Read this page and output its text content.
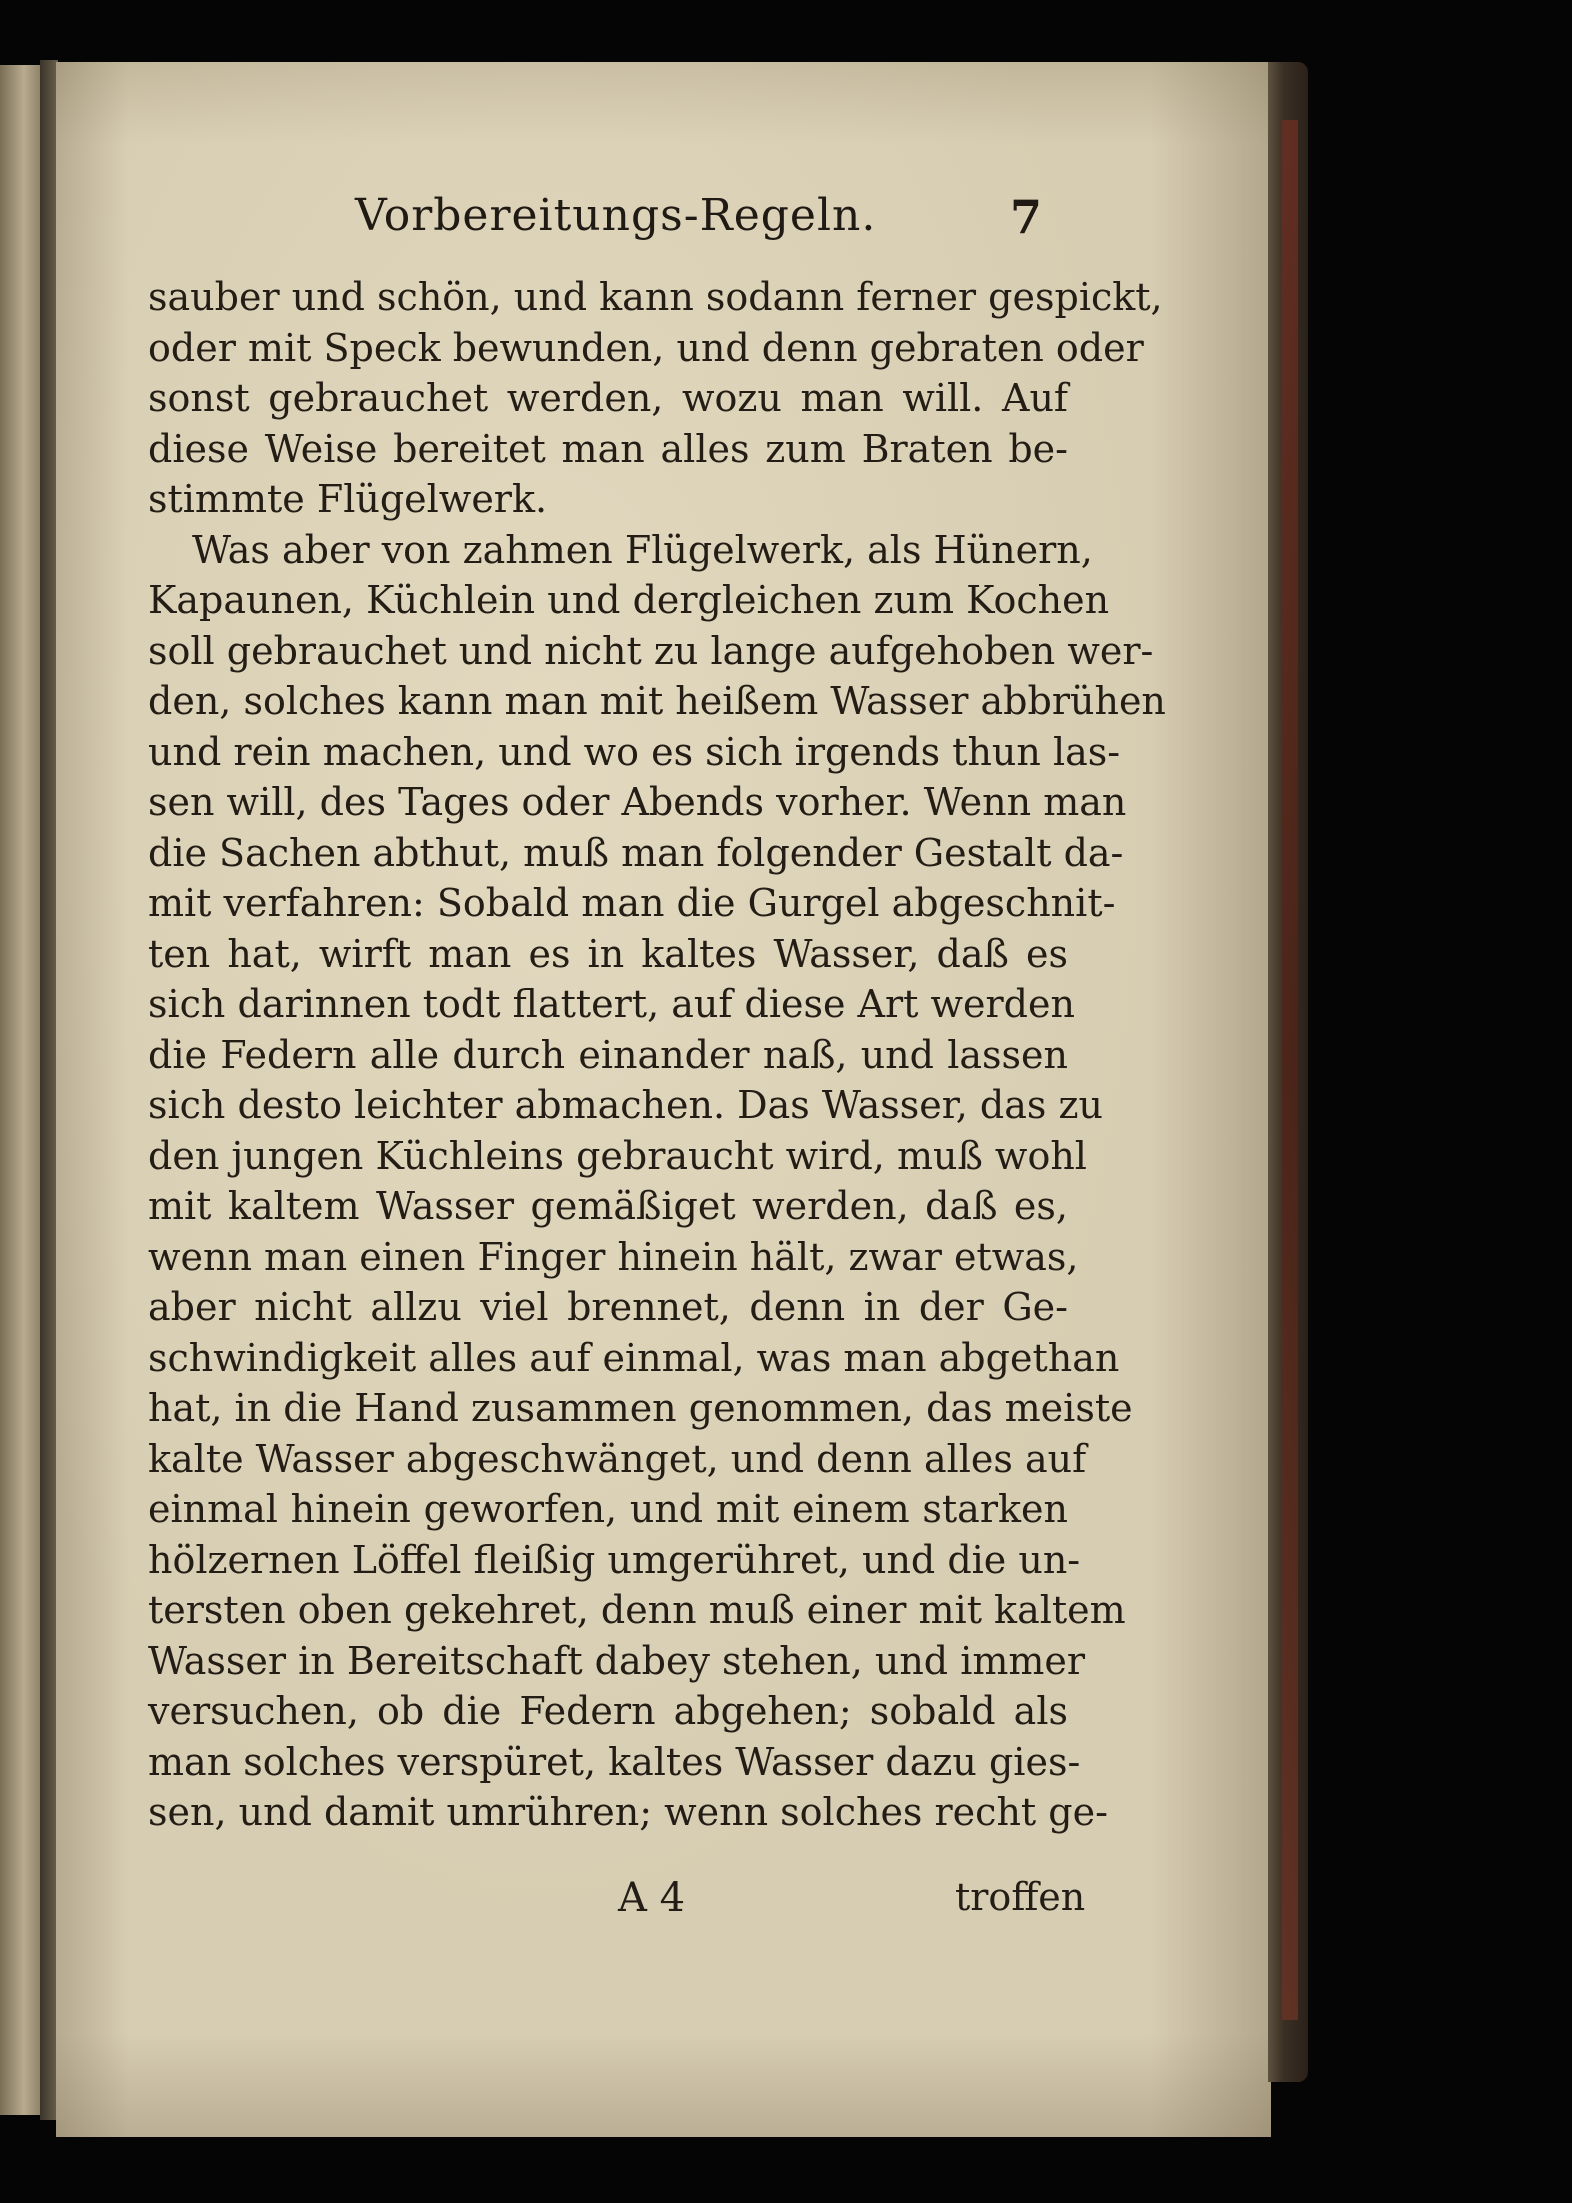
Vorbereitungs-Regeln.	7
sauber und schön, und kann sodann ferner gespickt,
oder mit Speck bewunden, und denn gebraten oder
sonst gebrauchet werden, wozu man will. Auf
diese Weise bereitet man alles zum Braten be-
stimmte Flügelwerk.
Was aber von zahmen Flügelwerk, als Hünern,
Kapaunen, Küchlein und dergleichen zum Kochen
soll gebrauchet und nicht zu lange aufgehoben wer-
den, solches kann man mit heißem Wasser abbrühen
und rein machen, und wo es sich irgends thun las-
sen will, des Tages oder Abends vorher. Wenn man
die Sachen abthut, muß man folgender Gestalt da-
mit verfahren: Sobald man die Gurgel abgeschnit-
ten hat, wirft man es in kaltes Wasser, daß es
sich darinnen todt flattert, auf diese Art werden
die Federn alle durch einander naß, und lassen
sich desto leichter abmachen. Das Wasser, das zu
den jungen Küchleins gebraucht wird, muß wohl
mit kaltem Wasser gemäßiget werden, daß es,
wenn man einen Finger hinein hält, zwar etwas,
aber nicht allzu viel brennet, denn in der Ge-
schwindigkeit alles auf einmal, was man abgethan
hat, in die Hand zusammen genommen, das meiste
kalte Wasser abgeschwänget, und denn alles auf
einmal hinein geworfen, und mit einem starken
hölzernen Löffel fleißig umgerühret, und die un-
tersten oben gekehret, denn muß einer mit kaltem
Wasser in Bereitschaft dabey stehen, und immer
versuchen, ob die Federn abgehen; sobald als
man solches verspüret, kaltes Wasser dazu gies-
sen, und damit umrühren; wenn solches recht ge-
A 4	troffen
